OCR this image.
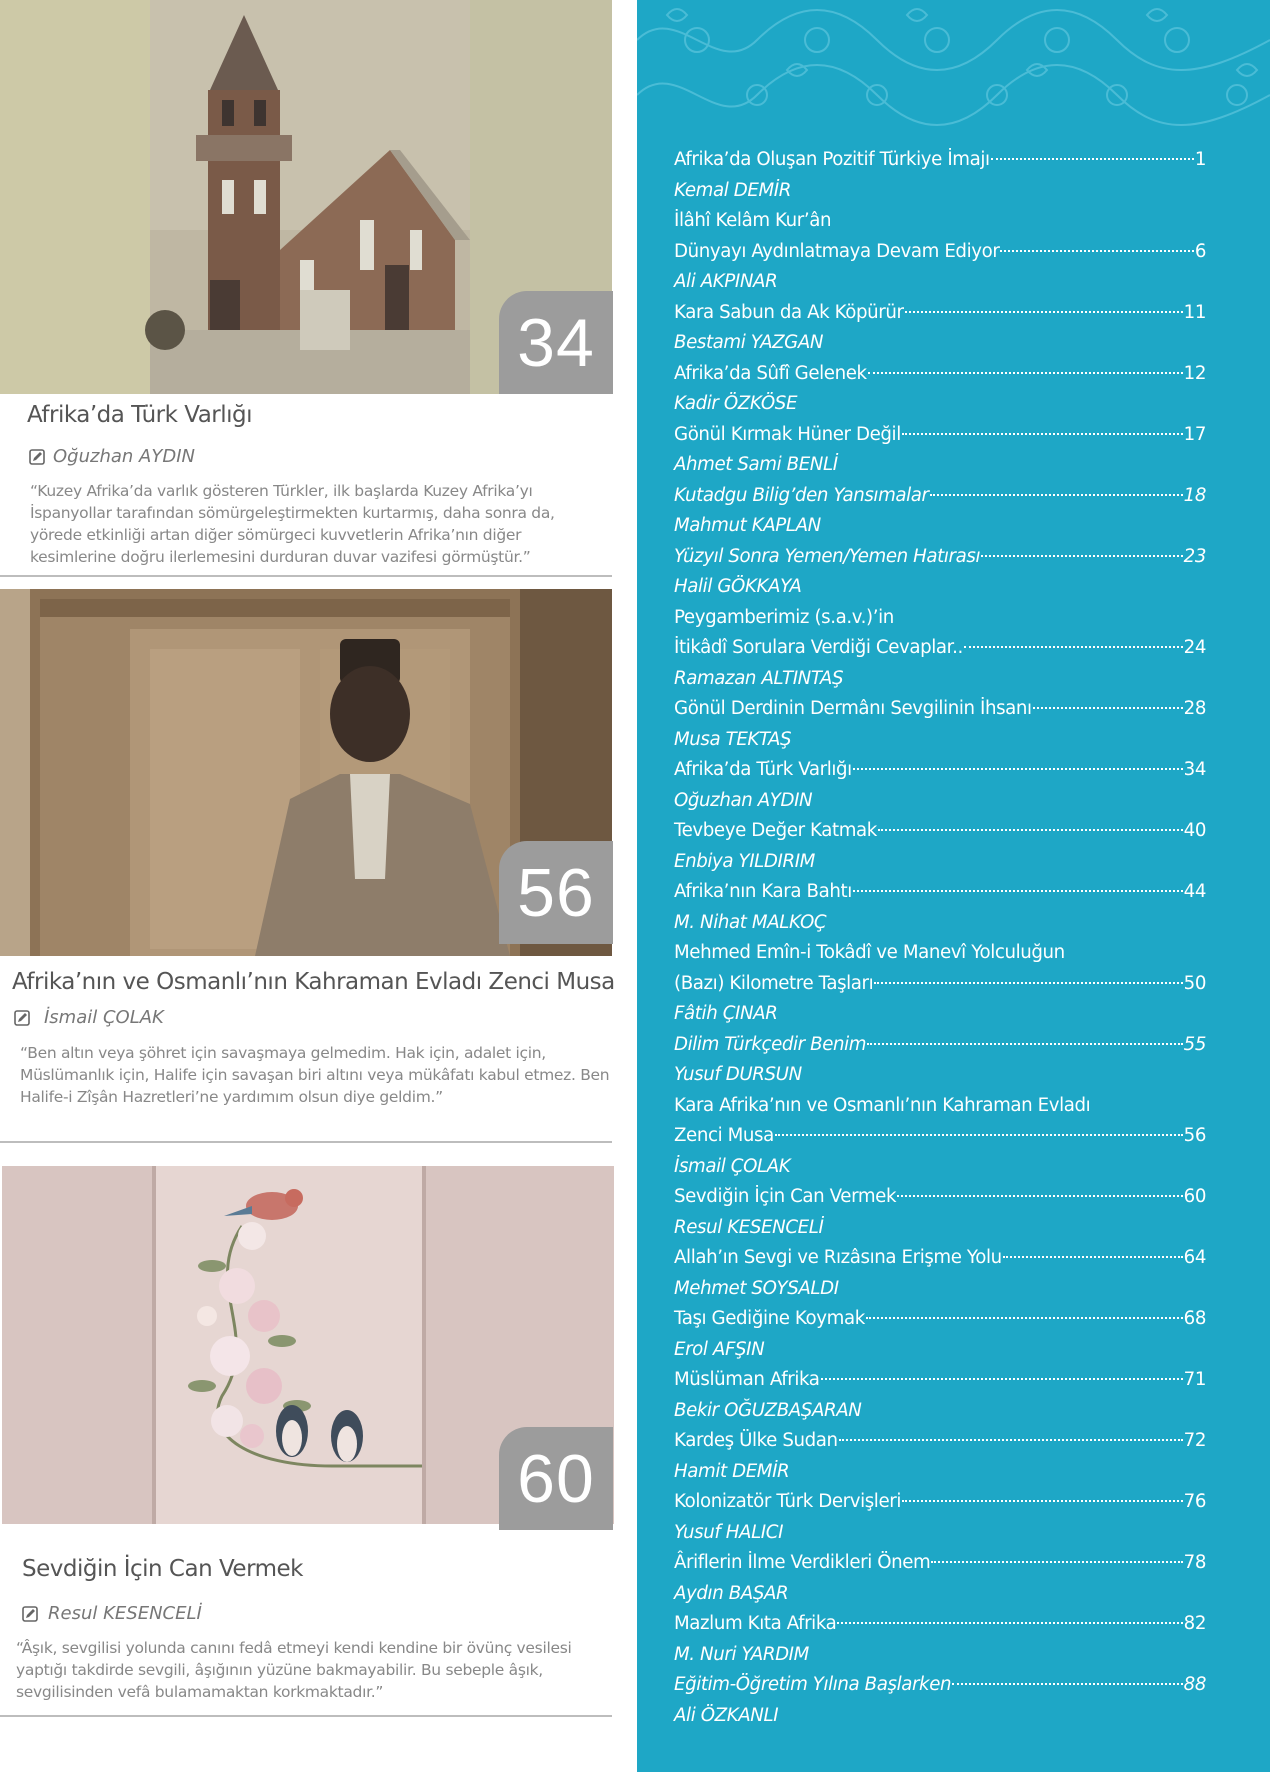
34
Afrika’da Türk Varlığı
Oğuzhan AYDIN
“Kuzey Afrika’da varlık gösteren Türkler, ilk başlarda Kuzey Afrika’yı İspanyollar tarafından sömürgeleştirmekten kurtarmış, daha sonra da, yörede etkinliği artan diğer sömürgeci kuvvetlerin Afrika’nın diğer kesimlerine doğru ilerlemesini durduran duvar vazifesi görmüştür.”
56
Afrika’nın ve Osmanlı’nın Kahraman Evladı Zenci Musa
İsmail ÇOLAK
“Ben altın veya şöhret için savaşmaya gelmedim. Hak için, adalet için, Müslümanlık için, Halife için savaşan biri altını veya mükâfatı kabul etmez. Ben Halife-i Zîşân Hazretleri’ne yardımım olsun diye geldim.”
60
Sevdiğin İçin Can Vermek
Resul KESENCELİ
“Âşık, sevgilisi yolunda canını fedâ etmeyi kendi kendine bir övünç vesilesi yaptığı takdirde sevgili, âşığının yüzüne bakmayabilir. Bu sebeple âşık, sevgilisinden vefâ bulamamaktan korkmaktadır.”
Afrika’da Oluşan Pozitif Türkiye İmajı	1
Kemal DEMİR
İlâhî Kelâm Kur’ân
Dünyayı Aydınlatmaya Devam Ediyor	6
Ali AKPINAR
Kara Sabun da Ak Köpürür	11
Bestami YAZGAN
Afrika’da Sûfî Gelenek	12
Kadir ÖZKÖSE
Gönül Kırmak Hüner Değil	17
Ahmet Sami BENLİ
Kutadgu Bilig’den Yansımalar	18
Mahmut KAPLAN
Yüzyıl Sonra Yemen/Yemen Hatırası	23
Halil GÖKKAYA
Peygamberimiz (s.a.v.)’in
İtikâdî Sorulara Verdiği Cevaplar..	24
Ramazan ALTINTAŞ
Gönül Derdinin Dermânı Sevgilinin İhsanı	28
Musa TEKTAŞ
Afrika’da Türk Varlığı	34
Oğuzhan AYDIN
Tevbeye Değer Katmak	40
Enbiya YILDIRIM
Afrika’nın Kara Bahtı	44
M. Nihat MALKOÇ
Mehmed Emîn-i Tokâdî ve Manevî Yolculuğun
(Bazı) Kilometre Taşları	50
Fâtih ÇINAR
Dilim Türkçedir Benim	55
Yusuf DURSUN
Kara Afrika’nın ve Osmanlı’nın Kahraman Evladı
Zenci Musa	56
İsmail ÇOLAK
Sevdiğin İçin Can Vermek	60
Resul KESENCELİ
Allah’ın Sevgi ve Rızâsına Erişme Yolu	64
Mehmet SOYSALDI
Taşı Gediğine Koymak	68
Erol AFŞIN
Müslüman Afrika	71
Bekir OĞUZBAŞARAN
Kardeş Ülke Sudan	72
Hamit DEMİR
Kolonizatör Türk Dervişleri	76
Yusuf HALICI
Âriflerin İlme Verdikleri Önem	78
Aydın BAŞAR
Mazlum Kıta Afrika	82
M. Nuri YARDIM
Eğitim-Öğretim Yılına Başlarken	88
Ali ÖZKANLI
